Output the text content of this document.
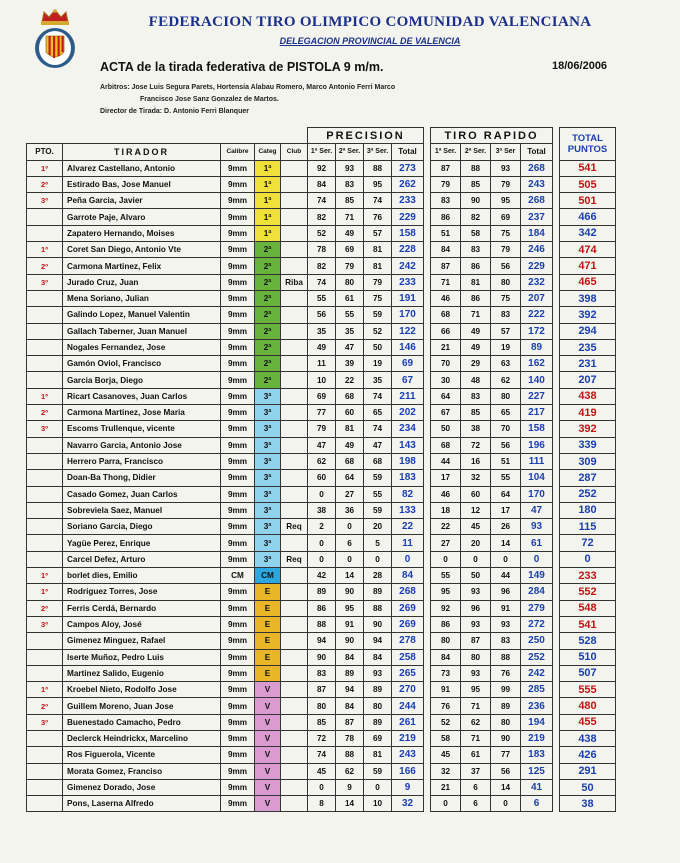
FEDERACION TIRO OLIMPICO COMUNIDAD VALENCIANA
DELEGACION PROVINCIAL DE VALENCIA
ACTA de la tirada federativa de PISTOLA 9 m/m.	18/06/2006
Arbitros: Jose Luis Segura Parets, Hortensia Alabau Romero, Marco Antonio Ferri Marco
Francisco Jose Sanz Gonzalez de Martos.
Director de Tirada: D. Antonio Ferri Blanquer
					PRECISION					TIRO RAPIDO					TOTAL PUNTOS
PTO.	TIRADOR	Calibre	Categ	Club	1ª Ser.	2ª Ser.	3ª Ser.	Total		1ª Ser.	2ª Ser.	3ª Ser	Total		
1º	Alvarez Castellano, Antonio	9mm	1ª		92	93	88	273		87	88	93	268		541
2º	Estirado Bas, Jose Manuel	9mm	1ª		84	83	95	262		79	85	79	243		505
3º	Peña Garcia, Javier	9mm	1ª		74	85	74	233		83	90	95	268		501
	Garrote Paje, Alvaro	9mm	1ª		82	71	76	229		86	82	69	237		466
	Zapatero Hernando, Moises	9mm	1ª		52	49	57	158		51	58	75	184		342
1º	Coret San Diego, Antonio Vte	9mm	2ª		78	69	81	228		84	83	79	246		474
2º	Carmona Martinez, Felix	9mm	2ª		82	79	81	242		87	86	56	229		471
3º	Jurado Cruz, Juan	9mm	2ª	Riba	74	80	79	233		71	81	80	232		465
	Mena Soriano, Julian	9mm	2ª		55	61	75	191		46	86	75	207		398
	Galindo Lopez, Manuel Valentin	9mm	2ª		56	55	59	170		68	71	83	222		392
	Gallach Taberner, Juan Manuel	9mm	2ª		35	35	52	122		66	49	57	172		294
	Nogales Fernandez, Jose	9mm	2ª		49	47	50	146		21	49	19	89		235
	Gamón Oviol, Francisco	9mm	2ª		11	39	19	69		70	29	63	162		231
	Garcia Borja, Diego	9mm	2ª		10	22	35	67		30	48	62	140		207
1º	Ricart Casanoves, Juan Carlos	9mm	3ª		69	68	74	211		64	83	80	227		438
2º	Carmona Martinez, Jose Maria	9mm	3ª		77	60	65	202		67	85	65	217		419
3º	Escoms Trullenque, vicente	9mm	3ª		79	81	74	234		50	38	70	158		392
	Navarro Garcia, Antonio Jose	9mm	3ª		47	49	47	143		68	72	56	196		339
	Herrero Parra, Francisco	9mm	3ª		62	68	68	198		44	16	51	111		309
	Doan-Ba Thong, Didier	9mm	3ª		60	64	59	183		17	32	55	104		287
	Casado Gomez, Juan Carlos	9mm	3ª		0	27	55	82		46	60	64	170		252
	Sobreviela Saez, Manuel	9mm	3ª		38	36	59	133		18	12	17	47		180
	Soriano Garcia, Diego	9mm	3ª	Req	2	0	20	22		22	45	26	93		115
	Yagüe Perez, Enrique	9mm	3ª		0	6	5	11		27	20	14	61		72
	Carcel Defez, Arturo	9mm	3ª	Req	0	0	0	0		0	0	0	0		0
1º	borlet dies, Emilio	CM	CM		42	14	28	84		55	50	44	149		233
1º	Rodriguez Torres, Jose	9mm	E		89	90	89	268		95	93	96	284		552
2º	Ferris Cerdá, Bernardo	9mm	E		86	95	88	269		92	96	91	279		548
3º	Campos Aloy, José	9mm	E		88	91	90	269		86	93	93	272		541
	Gimenez Minguez, Rafael	9mm	E		94	90	94	278		80	87	83	250		528
	Iserte Muñoz, Pedro Luis	9mm	E		90	84	84	258		84	80	88	252		510
	Martinez Salido, Eugenio	9mm	E		83	89	93	265		73	93	76	242		507
1º	Kroebel Nieto, Rodolfo Jose	9mm	V		87	94	89	270		91	95	99	285		555
2º	Guillem Moreno, Juan Jose	9mm	V		80	84	80	244		76	71	89	236		480
3º	Buenestado Camacho, Pedro	9mm	V		85	87	89	261		52	62	80	194		455
	Declerck Heindrickx, Marcelino	9mm	V		72	78	69	219		58	71	90	219		438
	Ros Figuerola, Vicente	9mm	V		74	88	81	243		45	61	77	183		426
	Morata Gomez, Franciso	9mm	V		45	62	59	166		32	37	56	125		291
	Gimenez Dorado, Jose	9mm	V		0	9	0	9		21	6	14	41		50
	Pons, Laserna Alfredo	9mm	V		8	14	10	32		0	6	0	6		38
